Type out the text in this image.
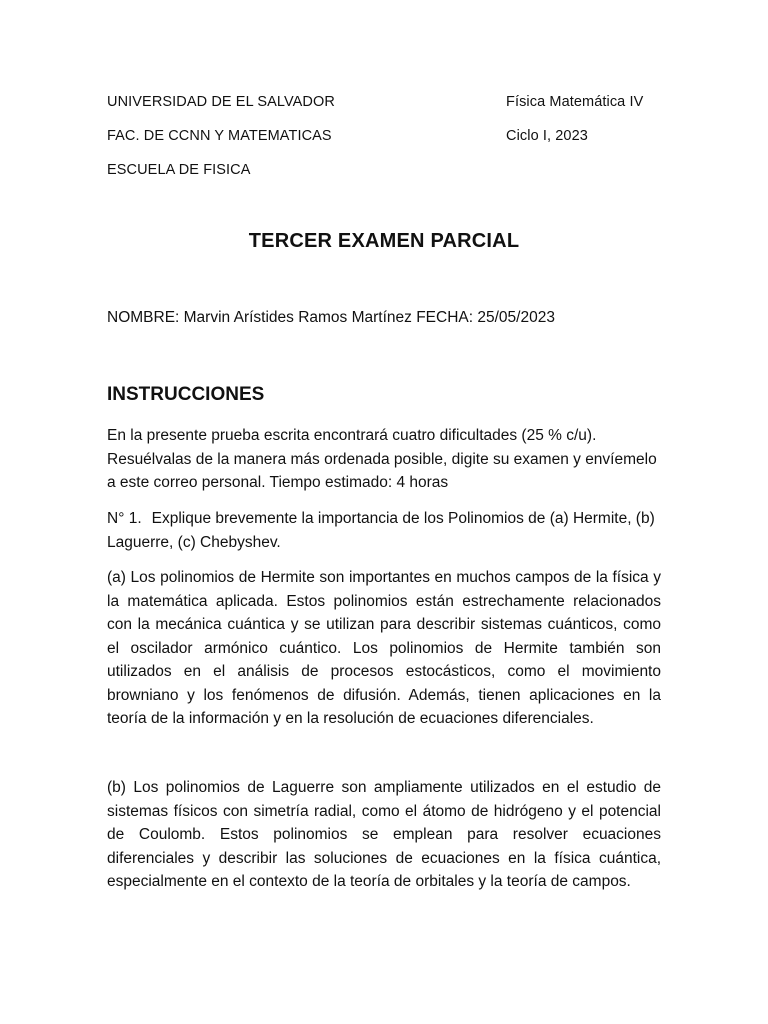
UNIVERSIDAD DE EL SALVADOR
FAC. DE CCNN Y MATEMATICAS
ESCUELA DE FISICA
Física Matemática IV
Ciclo I, 2023
TERCER EXAMEN PARCIAL
NOMBRE: Marvin Arístides Ramos Martínez FECHA: 25/05/2023
INSTRUCCIONES
En la presente prueba escrita encontrará cuatro dificultades (25 % c/u). Resuélvalas de la manera más ordenada posible, digite su examen y envíemelo a este correo personal. Tiempo estimado: 4 horas
N° 1. Explique brevemente la importancia de los Polinomios de (a) Hermite, (b) Laguerre, (c) Chebyshev.
(a) Los polinomios de Hermite son importantes en muchos campos de la física y la matemática aplicada. Estos polinomios están estrechamente relacionados con la mecánica cuántica y se utilizan para describir sistemas cuánticos, como el oscilador armónico cuántico. Los polinomios de Hermite también son utilizados en el análisis de procesos estocásticos, como el movimiento browniano y los fenómenos de difusión. Además, tienen aplicaciones en la teoría de la información y en la resolución de ecuaciones diferenciales.
(b) Los polinomios de Laguerre son ampliamente utilizados en el estudio de sistemas físicos con simetría radial, como el átomo de hidrógeno y el potencial de Coulomb. Estos polinomios se emplean para resolver ecuaciones diferenciales y describir las soluciones de ecuaciones en la física cuántica, especialmente en el contexto de la teoría de orbitales y la teoría de campos.
